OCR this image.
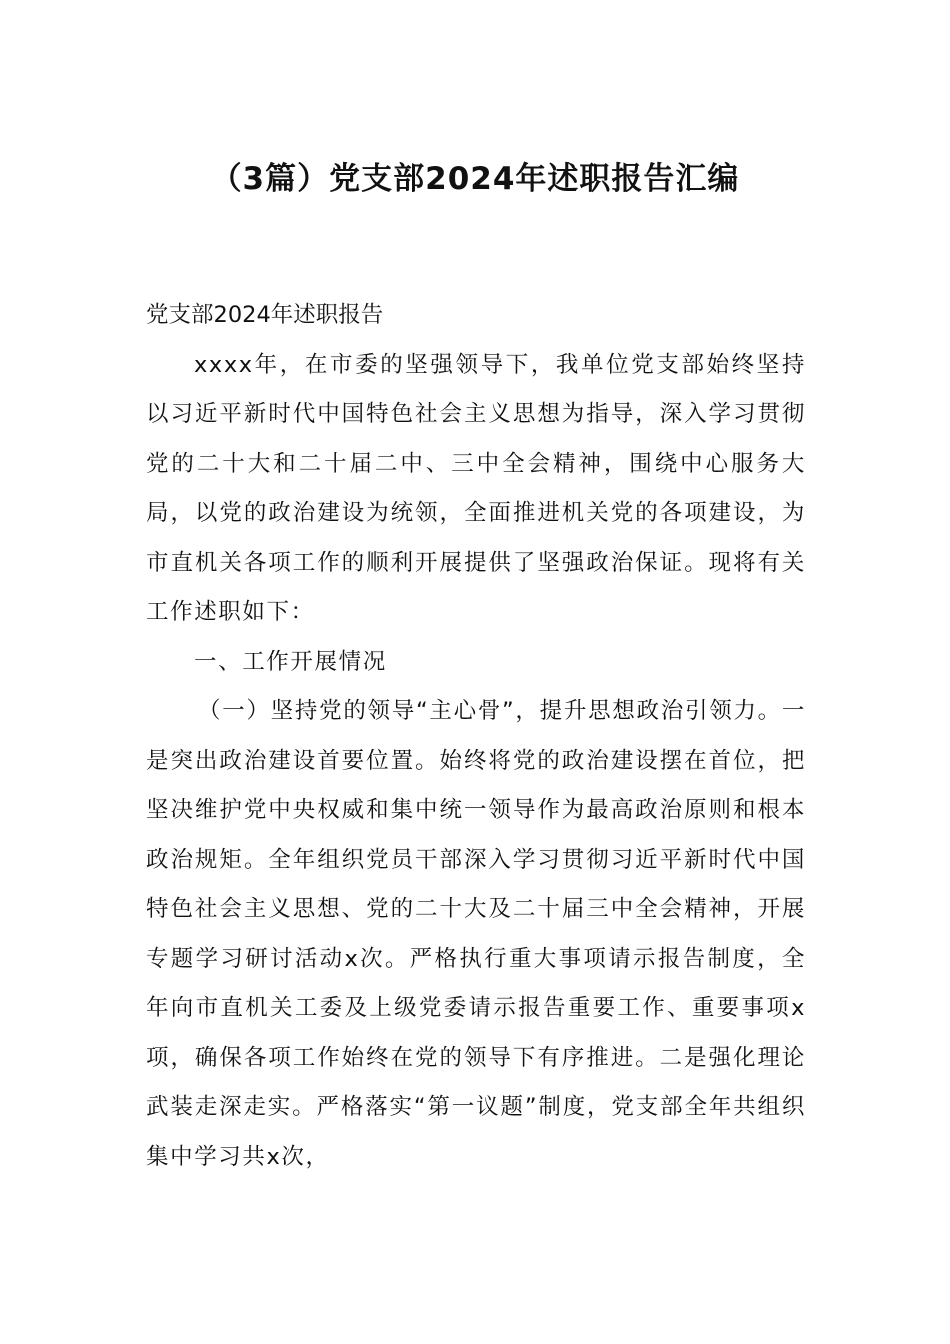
（3篇）党支部2024年述职报告汇编

党支部2024年述职报告

xxxx年，在市委的坚强领导下，我单位党支部始终坚持以习近平新时代中国特色社会主义思想为指导，深入学习贯彻党的二十大和二十届二中、三中全会精神，围绕中心服务大局，以党的政治建设为统领，全面推进机关党的各项建设，为市直机关各项工作的顺利开展提供了坚强政治保证。现将有关工作述职如下：

一、工作开展情况

（一）坚持党的领导“主心骨”，提升思想政治引领力。一是突出政治建设首要位置。始终将党的政治建设摆在首位，把坚决维护党中央权威和集中统一领导作为最高政治原则和根本政治规矩。全年组织党员干部深入学习贯彻习近平新时代中国特色社会主义思想、党的二十大及二十届三中全会精神，开展专题学习研讨活动x次。严格执行重大事项请示报告制度，全年向市直机关工委及上级党委请示报告重要工作、重要事项x项，确保各项工作始终在党的领导下有序推进。二是强化理论武装走深走实。严格落实“第一议题”制度，党支部全年共组织集中学习共x次，
